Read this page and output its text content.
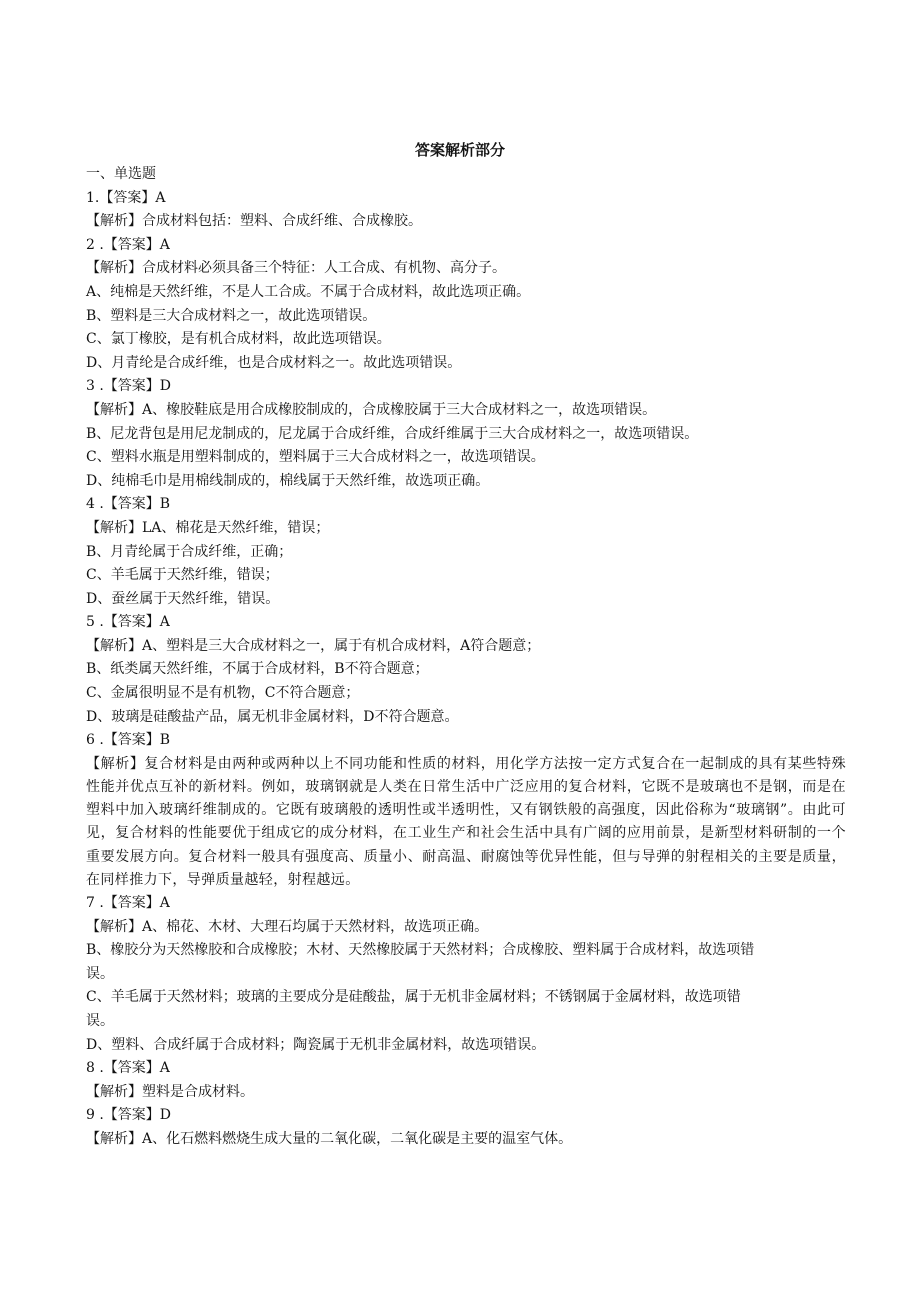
答案解析部分
一、单选题
1.【答案】A
【解析】合成材料包括：塑料、合成纤维、合成橡胶。
2 .【答案】A
【解析】合成材料必须具备三个特征：人工合成、有机物、高分子。
A、纯棉是天然纤维，不是人工合成。不属于合成材料，故此选项正确。
B、塑料是三大合成材料之一，故此选项错误。
C、氯丁橡胶，是有机合成材料，故此选项错误。
D、月青纶是合成纤维，也是合成材料之一。故此选项错误。
3 .【答案】D
【解析】A、橡胶鞋底是用合成橡胶制成的，合成橡胶属于三大合成材料之一，故选项错误。
B、尼龙背包是用尼龙制成的，尼龙属于合成纤维，合成纤维属于三大合成材料之一，故选项错误。
C、塑料水瓶是用塑料制成的，塑料属于三大合成材料之一，故选项错误。
D、纯棉毛巾是用棉线制成的，棉线属于天然纤维，故选项正确。
4 .【答案】B
【解析】LA、棉花是天然纤维，错误；
B、月青纶属于合成纤维，正确；
C、羊毛属于天然纤维，错误；
D、蚕丝属于天然纤维，错误。
5 .【答案】A
【解析】A、塑料是三大合成材料之一，属于有机合成材料，A符合题意；
B、纸类属天然纤维，不属于合成材料，B不符合题意；
C、金属很明显不是有机物，C不符合题意；
D、玻璃是硅酸盐产品，属无机非金属材料，D不符合题意。
6 .【答案】B
【解析】复合材料是由两种或两种以上不同功能和性质的材料，用化学方法按一定方式复合在一起制成的具有某些特殊性能并优点互补的新材料。例如，玻璃钢就是人类在日常生活中广泛应用的复合材料，它既不是玻璃也不是钢，而是在塑料中加入玻璃纤维制成的。它既有玻璃般的透明性或半透明性，又有钢铁般的高强度，因此俗称为“玻璃钢”。由此可见，复合材料的性能要优于组成它的成分材料，在工业生产和社会生活中具有广阔的应用前景，是新型材料研制的一个重要发展方向。复合材料一般具有强度高、质量小、耐高温、耐腐蚀等优异性能，但与导弹的射程相关的主要是质量，在同样推力下，导弹质量越轻，射程越远。
7 .【答案】A
【解析】A、棉花、木材、大理石均属于天然材料，故选项正确。
B、橡胶分为天然橡胶和合成橡胶；木材、天然橡胶属于天然材料；合成橡胶、塑料属于合成材料，故选项错
误。
C、羊毛属于天然材料；玻璃的主要成分是硅酸盐，属于无机非金属材料；不锈钢属于金属材料，故选项错
误。
D、塑料、合成纤属于合成材料；陶瓷属于无机非金属材料，故选项错误。
8 .【答案】A
【解析】塑料是合成材料。
9 .【答案】D
【解析】A、化石燃料燃烧生成大量的二氧化碳，二氧化碳是主要的温室气体。
